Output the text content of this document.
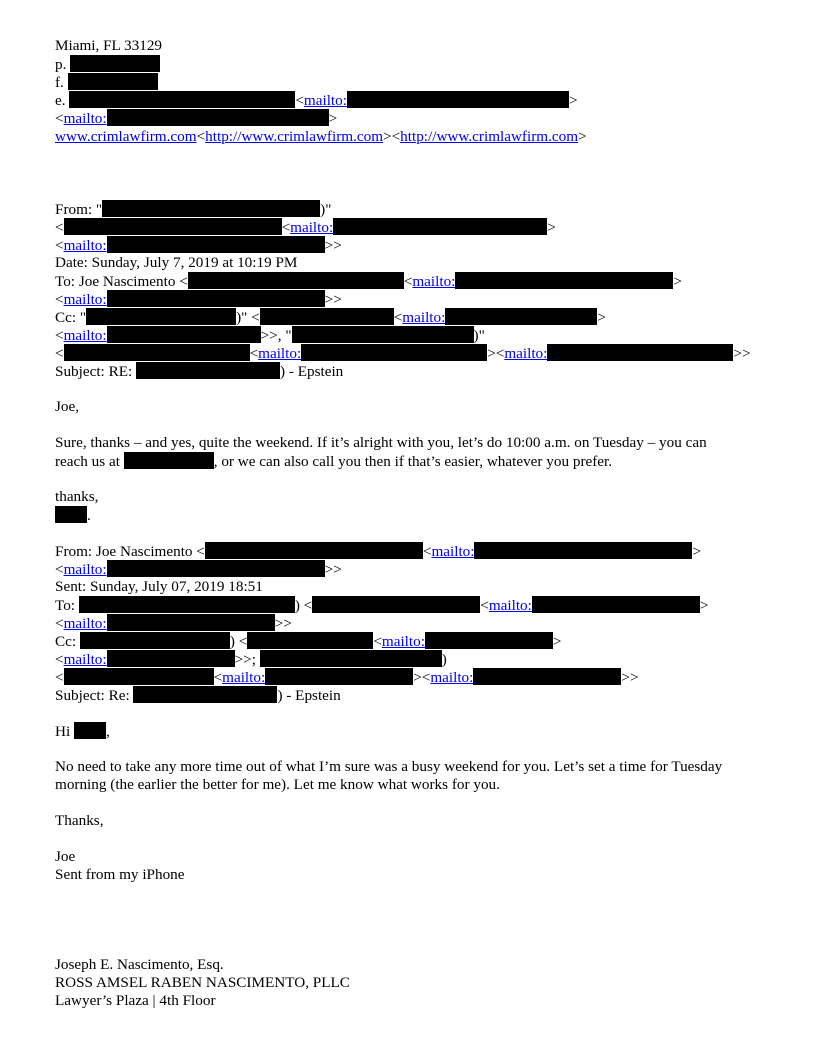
Miami, FL 33129
p.
f.
e.	<mailto:	>
<mailto:	>
www.crimlawfirm.com<http://www.crimlawfirm.com><http://www.crimlawfirm.com>
From: "	)"
<	<mailto:	>
<mailto:	>>
Date: Sunday, July 7, 2019 at 10:19 PM
To: Joe Nascimento <	<mailto:	>
<mailto:	>>
Cc: "	)" <	<mailto:	>
<mailto:	>>, "	)"
<	<mailto:	><mailto:	>>
Subject: RE:	) - Epstein
Joe,
Sure, thanks – and yes, quite the weekend. If it’s alright with you, let’s do 10:00 a.m. on Tuesday – you can
reach us at	, or we can also call you then if that’s easier, whatever you prefer.
thanks,
.
From: Joe Nascimento <	<mailto:	>
<mailto:	>>
Sent: Sunday, July 07, 2019 18:51
To:	) <	<mailto:	>
<mailto:	>>
Cc:	) <	<mailto:	>
<mailto:	>>;	)
<	<mailto:	><mailto:	>>
Subject: Re:	) - Epstein
Hi ,
No need to take any more time out of what I’m sure was a busy weekend for you. Let’s set a time for Tuesday
morning (the earlier the better for me). Let me know what works for you.
Thanks,
Joe
Sent from my iPhone
Joseph E. Nascimento, Esq.
ROSS AMSEL RABEN NASCIMENTO, PLLC
Lawyer’s Plaza | 4th Floor
